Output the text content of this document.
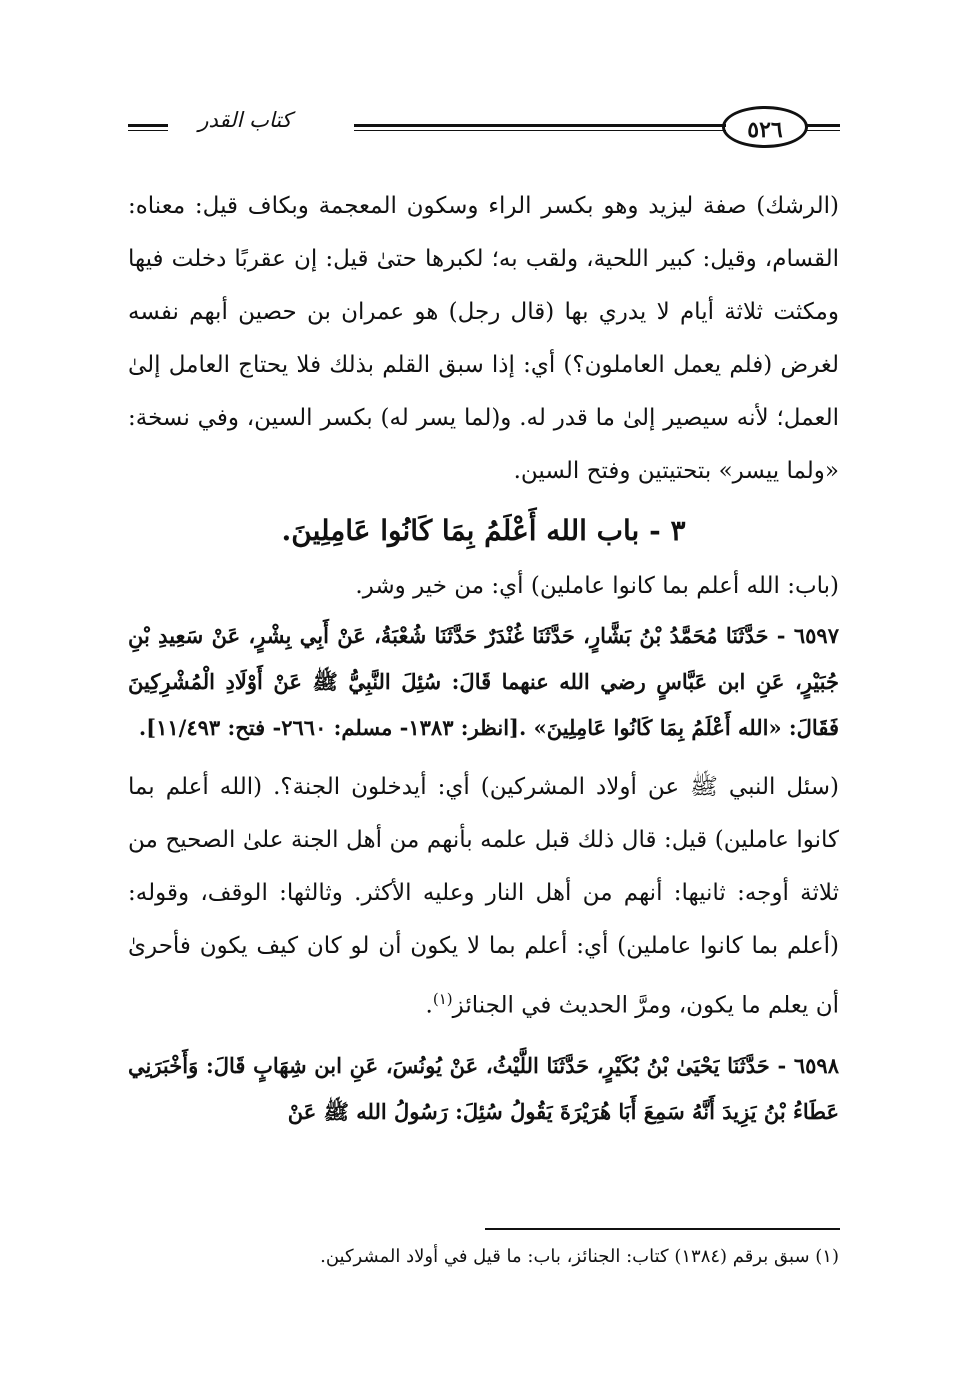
كتاب القدر	٥٢٦

(الرشك) صفة ليزيد وهو بكسر الراء وسكون المعجمة وبكاف قيل: معناه: القسام، وقيل: كبير اللحية، ولقب به؛ لكبرها حتىٰ قيل: إن عقربًا دخلت فيها ومكثت ثلاثة أيام لا يدري بها (قال رجل) هو عمران بن حصين أبهم نفسه لغرض (فلم يعمل العاملون؟) أي: إذا سبق القلم بذلك فلا يحتاج العامل إلىٰ العمل؛ لأنه سيصير إلىٰ ما قدر له. و(لما يسر له) بكسر السين، وفي نسخة: «ولما ييسر» بتحتيتين وفتح السين.

٣ - باب الله أَعْلَمُ بِمَا كَانُوا عَامِلِينَ.

(باب: الله أعلم بما كانوا عاملين) أي: من خير وشر.

٦٥٩٧ - حَدَّثَنَا مُحَمَّدُ بْنُ بَشَّارٍ، حَدَّثَنَا غُنْدَرٌ حَدَّثَنَا شُعْبَةُ، عَنْ أَبِي بِشْرٍ، عَنْ سَعِيدِ بْنِ جُبَيْرٍ، عَنِ ابن عَبَّاسٍ رضي الله عنهما قَالَ: سُئِلَ النَّبِيُّ ﷺ عَنْ أَوْلَادِ الْمُشْرِكِينَ فَقَالَ: «الله أَعْلَمُ بِمَا كَانُوا عَامِلِينَ» .[انظر: ١٣٨٣- مسلم: ٢٦٦٠- فتح: ١١/٤٩٣].

(سئل النبي ﷺ عن أولاد المشركين) أي: أيدخلون الجنة؟. (الله أعلم بما كانوا عاملين) قيل: قال ذلك قبل علمه بأنهم من أهل الجنة علىٰ الصحيح من ثلاثة أوجه: ثانيها: أنهم من أهل النار وعليه الأكثر. وثالثها: الوقف، وقوله: (أعلم بما كانوا عاملين) أي: أعلم بما لا يكون أن لو كان كيف يكون فأحرىٰ أن يعلم ما يكون، ومرَّ الحديث في الجنائز$^{(١)}$.

٦٥٩٨ - حَدَّثَنَا يَحْيَىٰ بْنُ بُكَيْرٍ، حَدَّثَنَا اللَّيْثُ، عَنْ يُونُسَ، عَنِ ابن شِهَابٍ قَالَ: وَأَخْبَرَنِي عَطَاءُ بْنُ يَزِيدَ أَنَّهُ سَمِعَ أَبَا هُرَيْرَةَ يَقُولُ سُئِلَ: رَسُولُ الله ﷺ عَنْ

(١) سبق برقم (١٣٨٤) كتاب: الجنائز، باب: ما قيل في أولاد المشركين.
